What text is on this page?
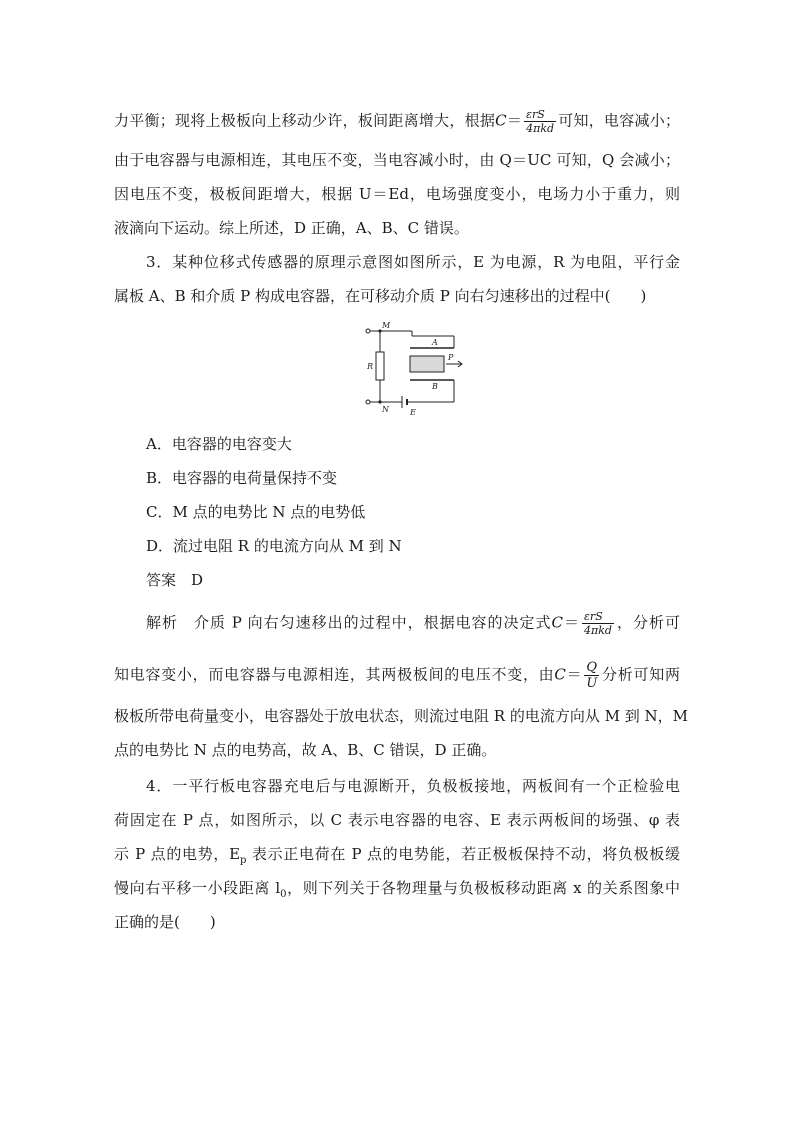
力平衡；现将上极板向上移动少许，板间距离增大，根据$C= \frac{\text{εrS}}{\text{4πkd}}$ 可知，电容减小；
由于电容器与电源相连，其电压不变，当电容减小时，由 Q＝UC 可知，Q 会减小；
因电压不变，极板间距增大，根据 U＝Ed，电场强度变小，电场力小于重力，则
液滴向下运动。综上所述，D 正确，A、B、C 错误。
3．某种位移式传感器的原理示意图如图所示，E 为电源，R 为电阻，平行金
属板 A、B 和介质 P 构成电容器，在可移动介质 P 向右匀速移出的过程中(　　)
M
R
N
A
B
P
E
A．电容器的电容变大
B．电容器的电荷量保持不变
C．M 点的电势比 N 点的电势低
D．流过电阻 R 的电流方向从 M 到 N
答案　 D
解析　 介质 P 向右匀速移出的过程中，根据电容的决定式$C= \frac{\text{εrS}}{\text{4πkd}}$ ，分析可
知电容变小，而电容器与电源相连，其两极板间的电压不变，由$C= \frac{Q}{U}$ 分析可知两
极板所带电荷量变小，电容器处于放电状态，则流过电阻 R 的电流方向从 M 到 N，M
点的电势比 N 点的电势高，故 A、B、C 错误，D 正确。
4．一平行板电容器充电后与电源断开，负极板接地，两板间有一个正检验电
荷固定在 P 点，如图所示，以 C 表示电容器的电容、E 表示两板间的场强、φ 表
示 P 点的电势，$E_p$ 表示正电荷在 P 点的电势能，若正极板保持不动，将负极板缓
慢向右平移一小段距离 $l_0$，则下列关于各物理量与负极板移动距离 x 的关系图象中
正确的是(　　)
